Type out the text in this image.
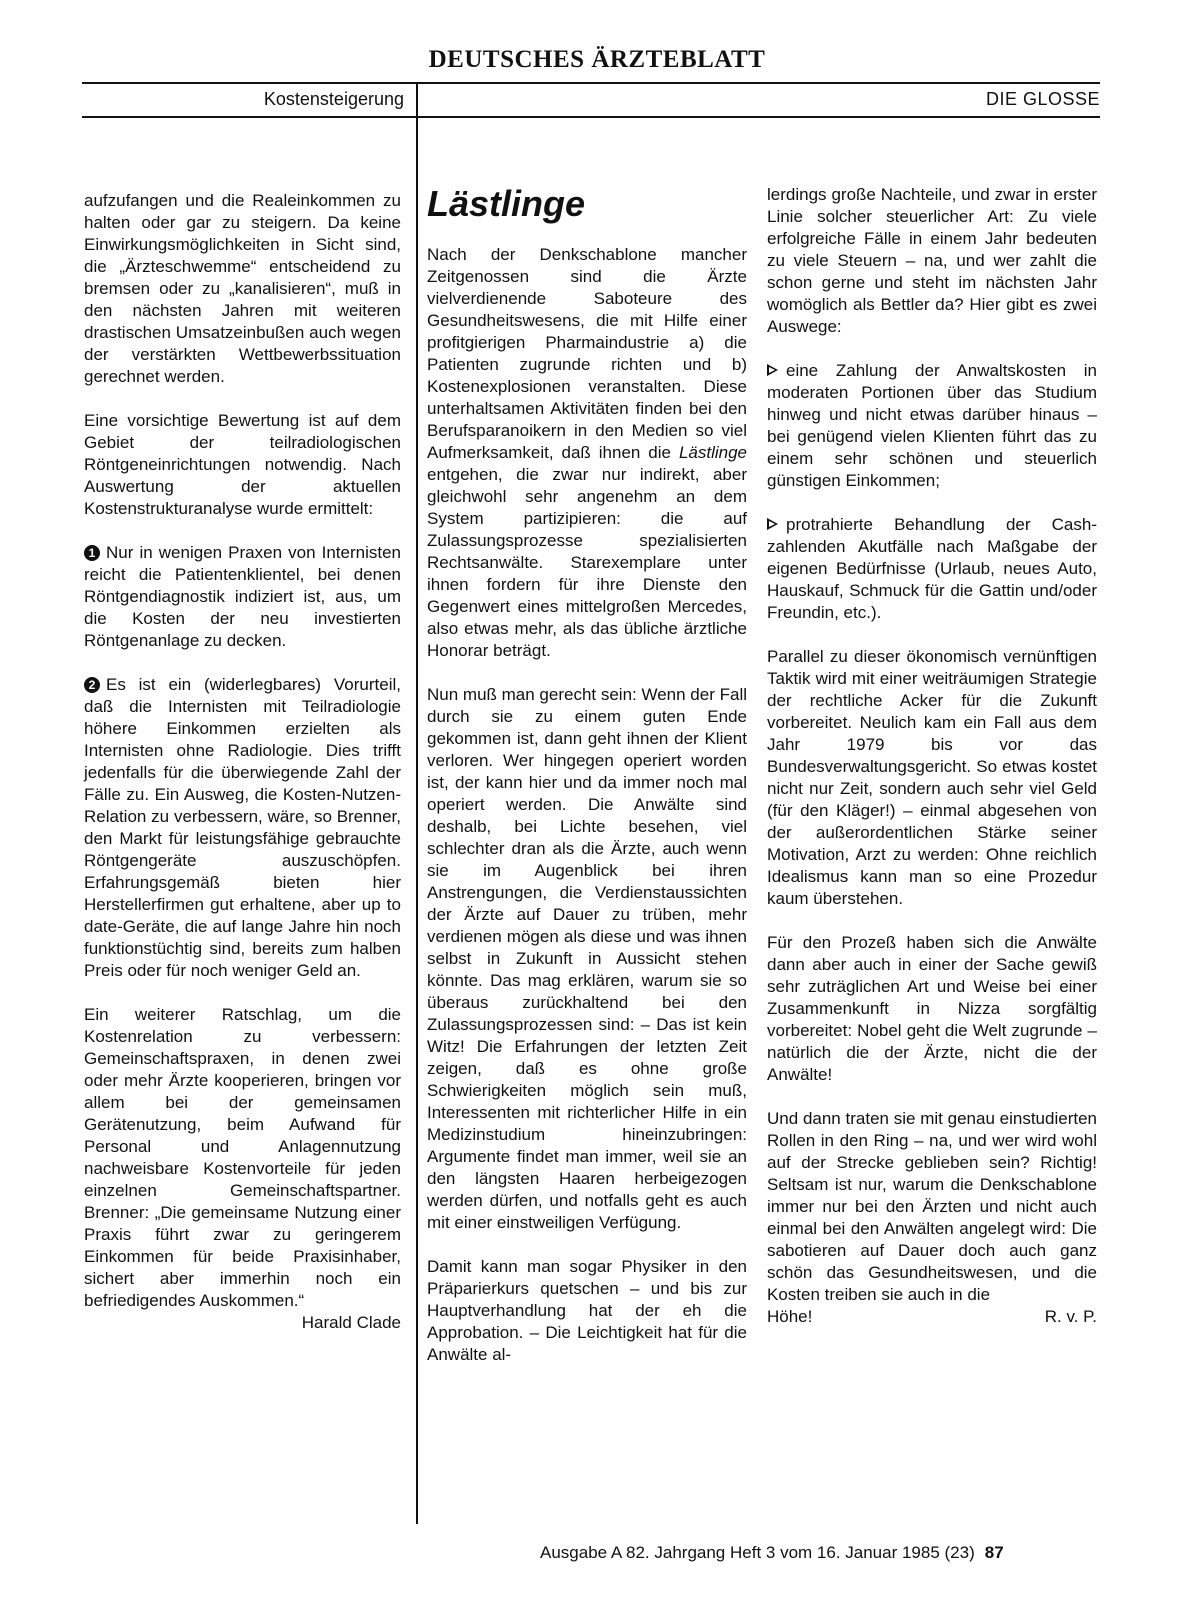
DEUTSCHES ÄRZTEBLATT
Kostensteigerung	DIE GLOSSE

aufzufangen und die Realeinkommen zu halten oder gar zu steigern. Da keine Einwirkungsmöglichkeiten in Sicht sind, die „Ärzteschwemme“ entscheidend zu bremsen oder zu „kanalisieren“, muß in den nächsten Jahren mit weiteren drastischen Umsatzeinbußen auch wegen der verstärkten Wettbewerbssituation gerechnet werden.

Eine vorsichtige Bewertung ist auf dem Gebiet der teilradiologischen Röntgeneinrichtungen notwendig. Nach Auswertung der aktuellen Kostenstrukturanalyse wurde ermittelt:

1 Nur in wenigen Praxen von Internisten reicht die Patientenklientel, bei denen Röntgendiagnostik indiziert ist, aus, um die Kosten der neu investierten Röntgenanlage zu decken.

2 Es ist ein (widerlegbares) Vorurteil, daß die Internisten mit Teilradiologie höhere Einkommen erzielten als Internisten ohne Radiologie. Dies trifft jedenfalls für die überwiegende Zahl der Fälle zu. Ein Ausweg, die Kosten-Nutzen-Relation zu verbessern, wäre, so Brenner, den Markt für leistungsfähige gebrauchte Röntgengeräte auszuschöpfen. Erfahrungsgemäß bieten hier Herstellerfirmen gut erhaltene, aber up to date-Geräte, die auf lange Jahre hin noch funktionstüchtig sind, bereits zum halben Preis oder für noch weniger Geld an.

Ein weiterer Ratschlag, um die Kostenrelation zu verbessern: Gemeinschaftspraxen, in denen zwei oder mehr Ärzte kooperieren, bringen vor allem bei der gemeinsamen Gerätenutzung, beim Aufwand für Personal und Anlagennutzung nachweisbare Kostenvorteile für jeden einzelnen Gemeinschaftspartner. Brenner: „Die gemeinsame Nutzung einer Praxis führt zwar zu geringerem Einkommen für beide Praxisinhaber, sichert aber immerhin noch ein befriedigendes Auskommen.“

Harald Clade
Lästlinge

Nach der Denkschablone mancher Zeitgenossen sind die Ärzte vielverdienende Saboteure des Gesundheitswesens, die mit Hilfe einer profitgierigen Pharmaindustrie a) die Patienten zugrunde richten und b) Kostenexplosionen veranstalten. Diese unterhaltsamen Aktivitäten finden bei den Berufsparanoikern in den Medien so viel Aufmerksamkeit, daß ihnen die Lästlinge entgehen, die zwar nur indirekt, aber gleichwohl sehr angenehm an dem System partizipieren: die auf Zulassungsprozesse spezialisierten Rechtsanwälte. Starexemplare unter ihnen fordern für ihre Dienste den Gegenwert eines mittelgroßen Mercedes, also etwas mehr, als das übliche ärztliche Honorar beträgt.

Nun muß man gerecht sein: Wenn der Fall durch sie zu einem guten Ende gekommen ist, dann geht ihnen der Klient verloren. Wer hingegen operiert worden ist, der kann hier und da immer noch mal operiert werden. Die Anwälte sind deshalb, bei Lichte besehen, viel schlechter dran als die Ärzte, auch wenn sie im Augenblick bei ihren Anstrengungen, die Verdienstaussichten der Ärzte auf Dauer zu trüben, mehr verdienen mögen als diese und was ihnen selbst in Zukunft in Aussicht stehen könnte. Das mag erklären, warum sie so überaus zurückhaltend bei den Zulassungsprozessen sind: – Das ist kein Witz! Die Erfahrungen der letzten Zeit zeigen, daß es ohne große Schwierigkeiten möglich sein muß, Interessenten mit richterlicher Hilfe in ein Medizinstudium hineinzubringen: Argumente findet man immer, weil sie an den längsten Haaren herbeigezogen werden dürfen, und notfalls geht es auch mit einer einstweiligen Verfügung.

Damit kann man sogar Physiker in den Präparierkurs quetschen – und bis zur Hauptverhandlung hat der eh die Approbation. – Die Leichtigkeit hat für die Anwälte al-

lerdings große Nachteile, und zwar in erster Linie solcher steuerlicher Art: Zu viele erfolgreiche Fälle in einem Jahr bedeuten zu viele Steuern – na, und wer zahlt die schon gerne und steht im nächsten Jahr womöglich als Bettler da? Hier gibt es zwei Auswege:

eine Zahlung der Anwaltskosten in moderaten Portionen über das Studium hinweg und nicht etwas darüber hinaus – bei genügend vielen Klienten führt das zu einem sehr schönen und steuerlich günstigen Einkommen;

protrahierte Behandlung der Cash-zahlenden Akutfälle nach Maßgabe der eigenen Bedürfnisse (Urlaub, neues Auto, Hauskauf, Schmuck für die Gattin und/oder Freundin, etc.).

Parallel zu dieser ökonomisch vernünftigen Taktik wird mit einer weiträumigen Strategie der rechtliche Acker für die Zukunft vorbereitet. Neulich kam ein Fall aus dem Jahr 1979 bis vor das Bundesverwaltungsgericht. So etwas kostet nicht nur Zeit, sondern auch sehr viel Geld (für den Kläger!) – einmal abgesehen von der außerordentlichen Stärke seiner Motivation, Arzt zu werden: Ohne reichlich Idealismus kann man so eine Prozedur kaum überstehen.

Für den Prozeß haben sich die Anwälte dann aber auch in einer der Sache gewiß sehr zuträglichen Art und Weise bei einer Zusammenkunft in Nizza sorgfältig vorbereitet: Nobel geht die Welt zugrunde – natürlich die der Ärzte, nicht die der Anwälte!

Und dann traten sie mit genau einstudierten Rollen in den Ring – na, und wer wird wohl auf der Strecke geblieben sein? Richtig! Seltsam ist nur, warum die Denkschablone immer nur bei den Ärzten und nicht auch einmal bei den Anwälten angelegt wird: Die sabotieren auf Dauer doch auch ganz schön das Gesundheitswesen, und die Kosten treiben sie auch in die

Höhe!	R. v. P.
Ausgabe A 82. Jahrgang Heft 3 vom 16. Januar 1985 (23) 87
